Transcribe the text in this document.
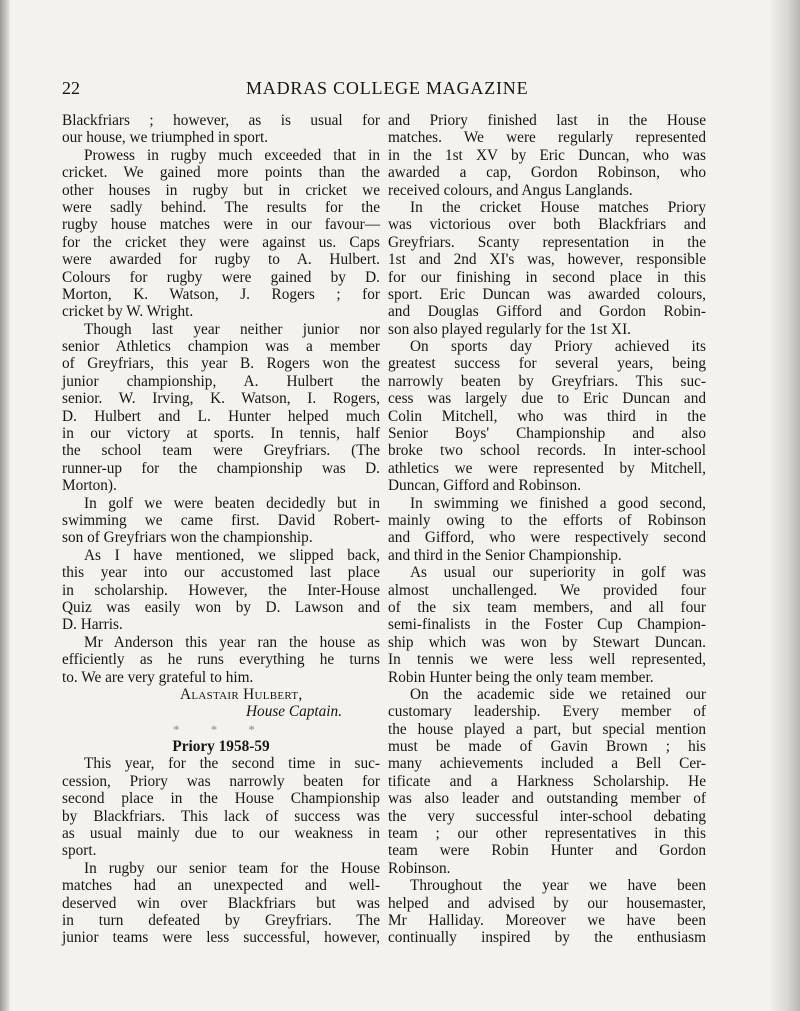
22	MADRAS COLLEGE MAGAZINE
Blackfriars ; however, as is usual for
our house, we triumphed in sport.
Prowess in rugby much exceeded that in
cricket. We gained more points than the
other houses in rugby but in cricket we
were sadly behind. The results for the
rugby house matches were in our favour—
for the cricket they were against us. Caps
were awarded for rugby to A. Hulbert.
Colours for rugby were gained by D.
Morton, K. Watson, J. Rogers ; for
cricket by W. Wright.
Though last year neither junior nor
senior Athletics champion was a member
of Greyfriars, this year B. Rogers won the
junior championship, A. Hulbert the
senior. W. Irving, K. Watson, I. Rogers,
D. Hulbert and L. Hunter helped much
in our victory at sports. In tennis, half
the school team were Greyfriars. (The
runner-up for the championship was D.
Morton).
In golf we were beaten decidedly but in
swimming we came first. David Robert-
son of Greyfriars won the championship.
As I have mentioned, we slipped back,
this year into our accustomed last place
in scholarship. However, the Inter-House
Quiz was easily won by D. Lawson and
D. Harris.
Mr Anderson this year ran the house as
efficiently as he runs everything he turns
to. We are very grateful to him.
Alastair Hulbert,
House Captain.
* * *
Priory 1958-59
This year, for the second time in suc-
cession, Priory was narrowly beaten for
second place in the House Championship
by Blackfriars. This lack of success was
as usual mainly due to our weakness in
sport.
In rugby our senior team for the House
matches had an unexpected and well-
deserved win over Blackfriars but was
in turn defeated by Greyfriars. The
junior teams were less successful, however,
and Priory finished last in the House
matches. We were regularly represented
in the 1st XV by Eric Duncan, who was
awarded a cap, Gordon Robinson, who
received colours, and Angus Langlands.
In the cricket House matches Priory
was victorious over both Blackfriars and
Greyfriars. Scanty representation in the
1st and 2nd XI's was, however, responsible
for our finishing in second place in this
sport. Eric Duncan was awarded colours,
and Douglas Gifford and Gordon Robin-
son also played regularly for the 1st XI.
On sports day Priory achieved its
greatest success for several years, being
narrowly beaten by Greyfriars. This suc-
cess was largely due to Eric Duncan and
Colin Mitchell, who was third in the
Senior Boys' Championship and also
broke two school records. In inter-school
athletics we were represented by Mitchell,
Duncan, Gifford and Robinson.
In swimming we finished a good second,
mainly owing to the efforts of Robinson
and Gifford, who were respectively second
and third in the Senior Championship.
As usual our superiority in golf was
almost unchallenged. We provided four
of the six team members, and all four
semi-finalists in the Foster Cup Champion-
ship which was won by Stewart Duncan.
In tennis we were less well represented,
Robin Hunter being the only team member.
On the academic side we retained our
customary leadership. Every member of
the house played a part, but special mention
must be made of Gavin Brown ; his
many achievements included a Bell Cer-
tificate and a Harkness Scholarship. He
was also leader and outstanding member of
the very successful inter-school debating
team ; our other representatives in this
team were Robin Hunter and Gordon
Robinson.
Throughout the year we have been
helped and advised by our housemaster,
Mr Halliday. Moreover we have been
continually inspired by the enthusiasm
